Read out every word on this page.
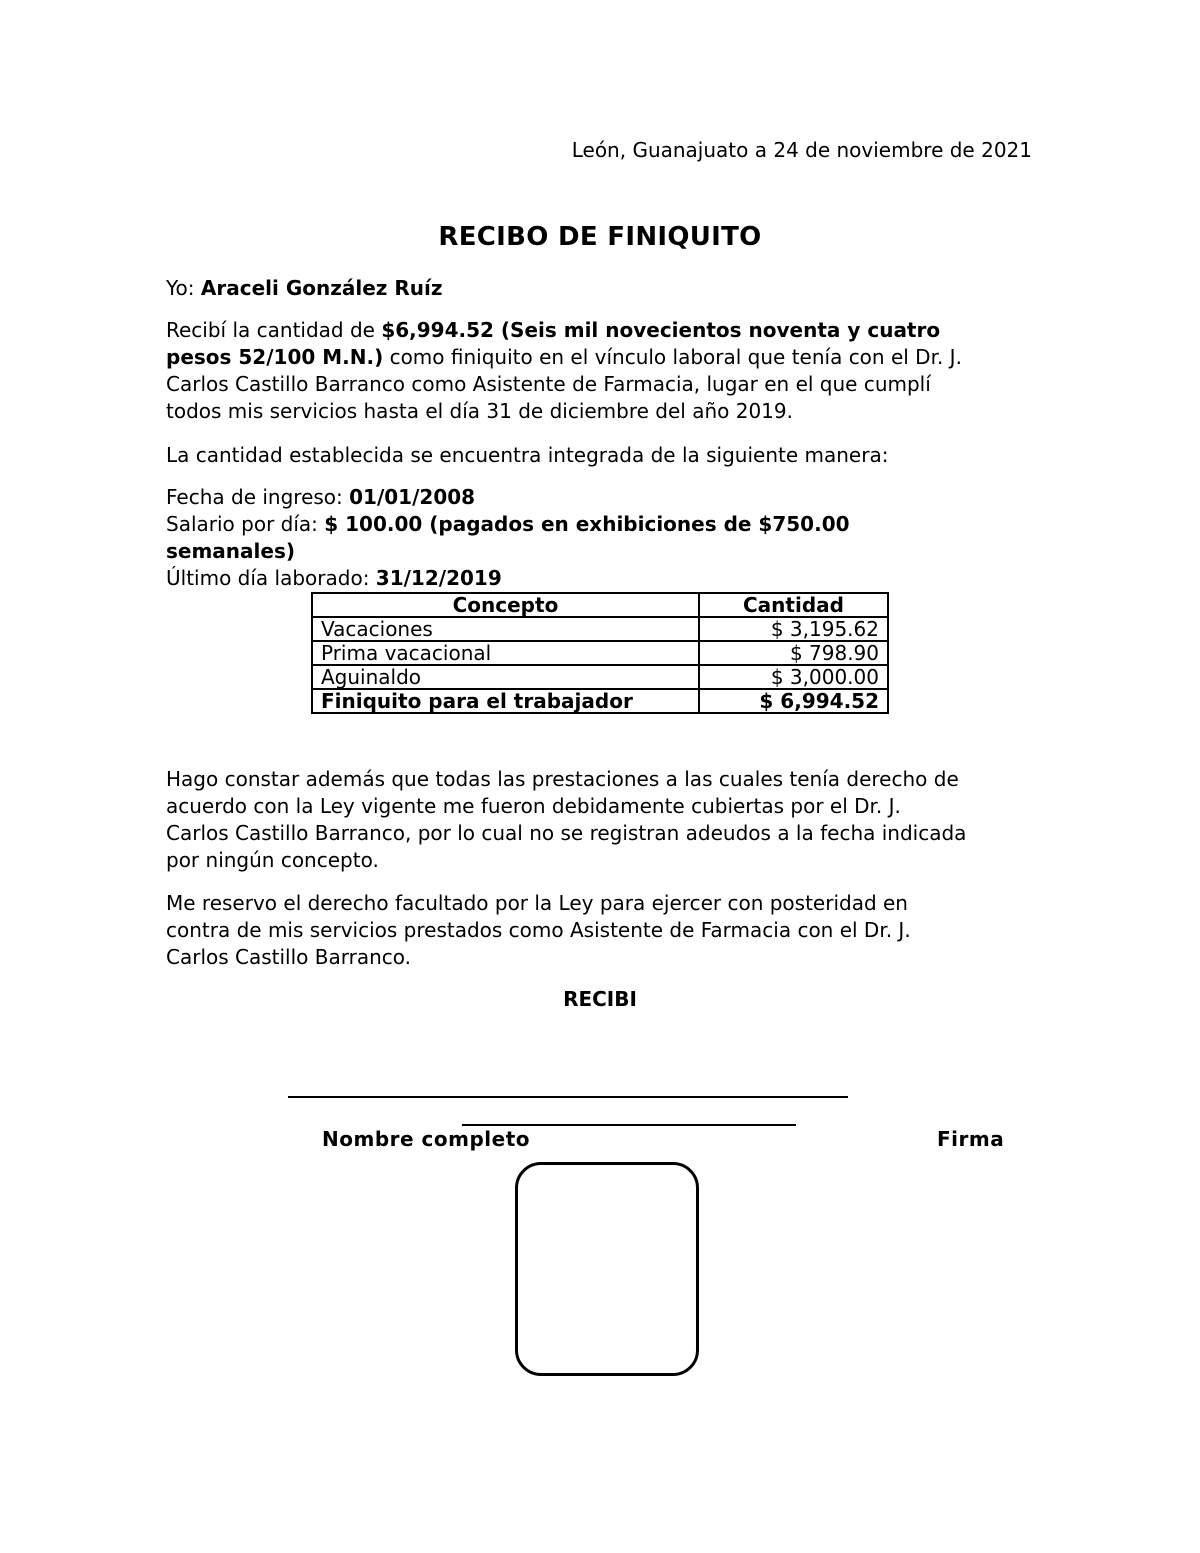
León, Guanajuato a 24 de noviembre de 2021
RECIBO DE FINIQUITO
Yo: Araceli González Ruíz
Recibí la cantidad de $6,994.52 (Seis mil novecientos noventa y cuatro
pesos 52/100 M.N.) como finiquito en el vínculo laboral que tenía con el Dr. J.
Carlos Castillo Barranco como Asistente de Farmacia, lugar en el que cumplí
todos mis servicios hasta el día 31 de diciembre del año 2019.
La cantidad establecida se encuentra integrada de la siguiente manera:
Fecha de ingreso: 01/01/2008
Salario por día: $ 100.00 (pagados en exhibiciones de $750.00
semanales)
Último día laborado: 31/12/2019
Concepto	Cantidad
Vacaciones	$ 3,195.62
Prima vacacional	$ 798.90
Aguinaldo	$ 3,000.00
Finiquito para el trabajador	$ 6,994.52
Hago constar además que todas las prestaciones a las cuales tenía derecho de
acuerdo con la Ley vigente me fueron debidamente cubiertas por el Dr. J.
Carlos Castillo Barranco, por lo cual no se registran adeudos a la fecha indicada
por ningún concepto.
Me reservo el derecho facultado por la Ley para ejercer con posteridad en
contra de mis servicios prestados como Asistente de Farmacia con el Dr. J.
Carlos Castillo Barranco.
RECIBI
Nombre completo	Firma
